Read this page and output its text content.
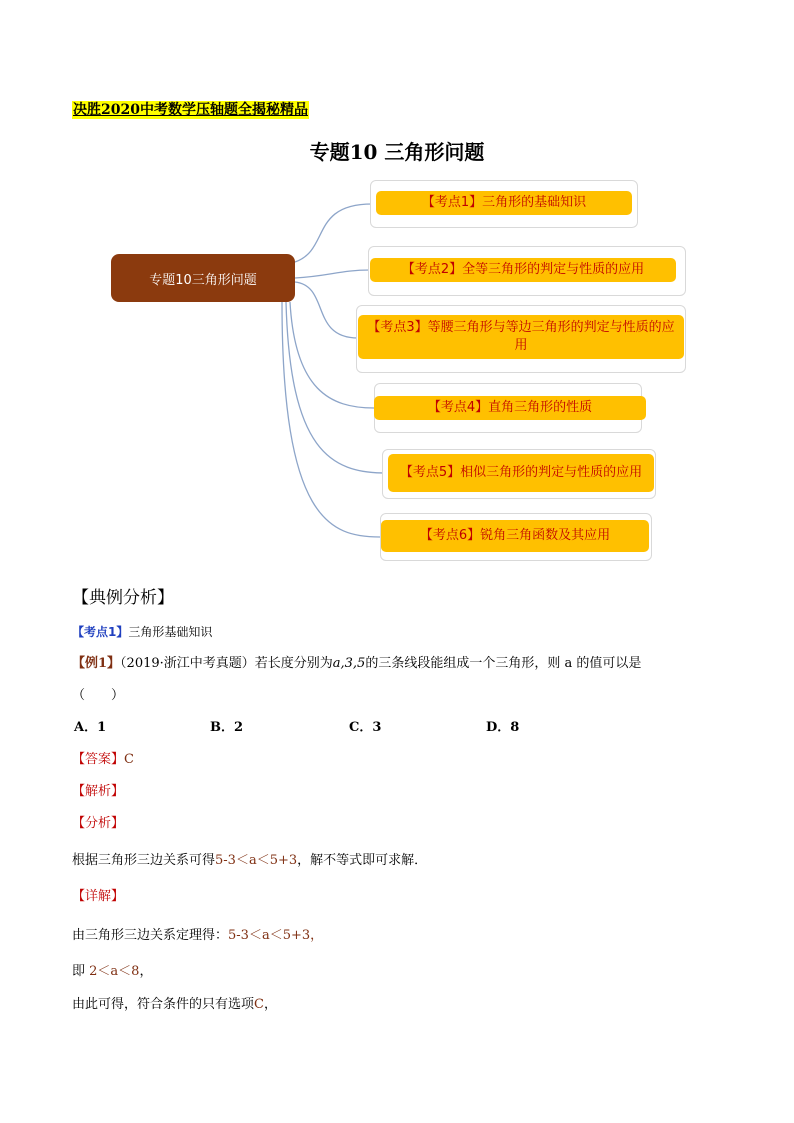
决胜2020中考数学压轴题全揭秘精品
专题10 三角形问题
专题10三角形问题
【考点1】三角形的基础知识
【考点2】全等三角形的判定与性质的应用
【考点3】等腰三角形与等边三角形的判定与性质的应用
【考点4】直角三角形的性质
【考点5】相似三角形的判定与性质的应用
【考点6】锐角三角函数及其应用
【典例分析】
【考点1】三角形基础知识
【例1】（2019·浙江中考真题）若长度分别为a,3,5的三条线段能组成一个三角形，则 a 的值可以是
（　　）
A．1	B．2	C．3	D．8
【答案】C
【解析】
【分析】
根据三角形三边关系可得5-3＜a＜5+3，解不等式即可求解．
【详解】
由三角形三边关系定理得：5-3＜a＜5+3，
即 2＜a＜8，
由此可得，符合条件的只有选项C，
